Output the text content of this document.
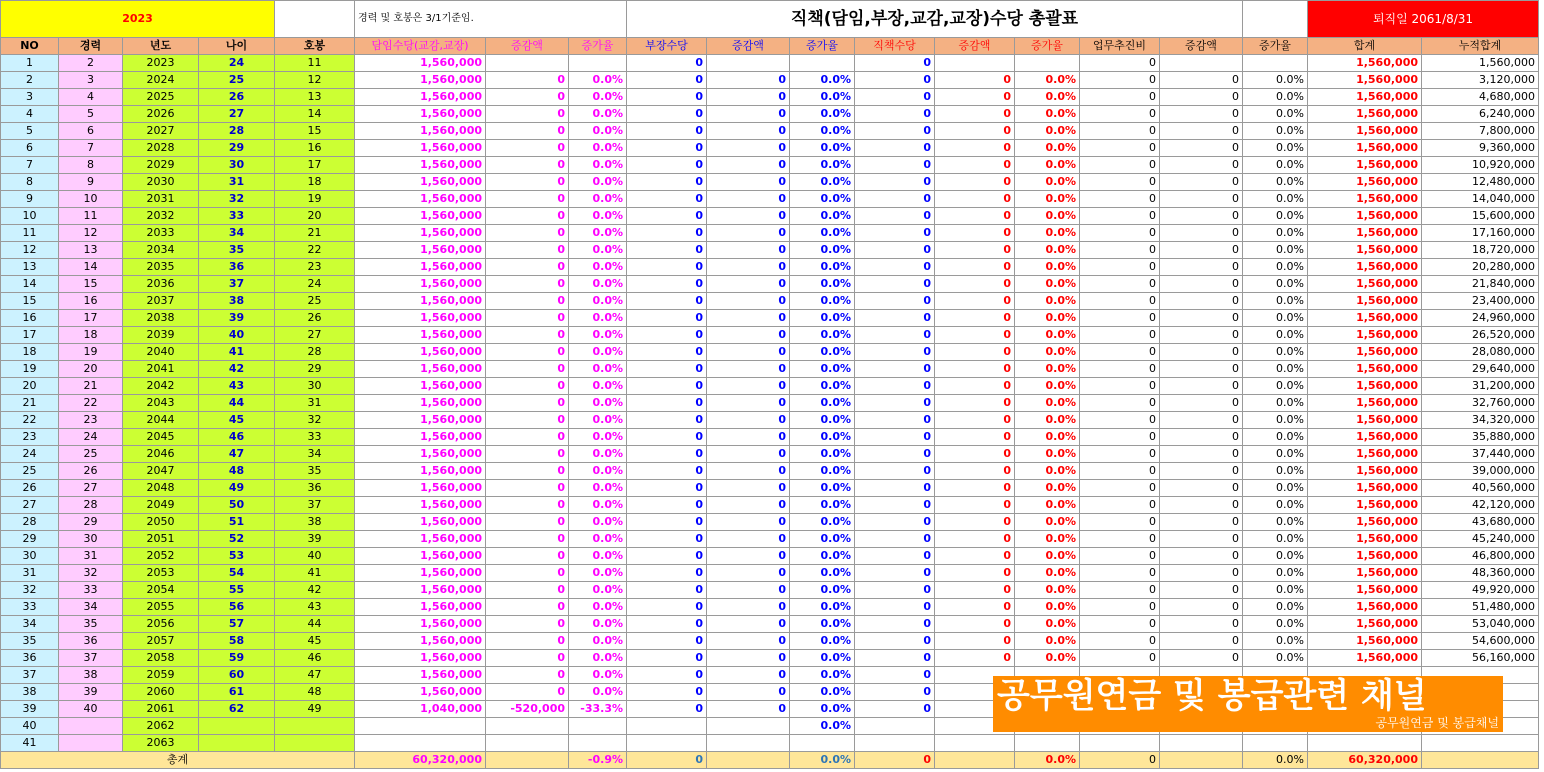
2023					경력 및 호봉은 3/1기준임.			직책(담임,부장,교감,교장)수당 총괄표									퇴직일 2061/8/31	
NO	경력	년도	나이	호봉	담임수당(교감,교장)	증감액	증가율	부장수당	증감액	증가율	직책수당	증감액	증가율	업무추진비	증감액	증가율	합계	누적합계
1	2	2023	24	11	1,560,000			0			0			0			1,560,000	1,560,000
2	3	2024	25	12	1,560,000	0	0.0%	0	0	0.0%	0	0	0.0%	0	0	0.0%	1,560,000	3,120,000
3	4	2025	26	13	1,560,000	0	0.0%	0	0	0.0%	0	0	0.0%	0	0	0.0%	1,560,000	4,680,000
4	5	2026	27	14	1,560,000	0	0.0%	0	0	0.0%	0	0	0.0%	0	0	0.0%	1,560,000	6,240,000
5	6	2027	28	15	1,560,000	0	0.0%	0	0	0.0%	0	0	0.0%	0	0	0.0%	1,560,000	7,800,000
6	7	2028	29	16	1,560,000	0	0.0%	0	0	0.0%	0	0	0.0%	0	0	0.0%	1,560,000	9,360,000
7	8	2029	30	17	1,560,000	0	0.0%	0	0	0.0%	0	0	0.0%	0	0	0.0%	1,560,000	10,920,000
8	9	2030	31	18	1,560,000	0	0.0%	0	0	0.0%	0	0	0.0%	0	0	0.0%	1,560,000	12,480,000
9	10	2031	32	19	1,560,000	0	0.0%	0	0	0.0%	0	0	0.0%	0	0	0.0%	1,560,000	14,040,000
10	11	2032	33	20	1,560,000	0	0.0%	0	0	0.0%	0	0	0.0%	0	0	0.0%	1,560,000	15,600,000
11	12	2033	34	21	1,560,000	0	0.0%	0	0	0.0%	0	0	0.0%	0	0	0.0%	1,560,000	17,160,000
12	13	2034	35	22	1,560,000	0	0.0%	0	0	0.0%	0	0	0.0%	0	0	0.0%	1,560,000	18,720,000
13	14	2035	36	23	1,560,000	0	0.0%	0	0	0.0%	0	0	0.0%	0	0	0.0%	1,560,000	20,280,000
14	15	2036	37	24	1,560,000	0	0.0%	0	0	0.0%	0	0	0.0%	0	0	0.0%	1,560,000	21,840,000
15	16	2037	38	25	1,560,000	0	0.0%	0	0	0.0%	0	0	0.0%	0	0	0.0%	1,560,000	23,400,000
16	17	2038	39	26	1,560,000	0	0.0%	0	0	0.0%	0	0	0.0%	0	0	0.0%	1,560,000	24,960,000
17	18	2039	40	27	1,560,000	0	0.0%	0	0	0.0%	0	0	0.0%	0	0	0.0%	1,560,000	26,520,000
18	19	2040	41	28	1,560,000	0	0.0%	0	0	0.0%	0	0	0.0%	0	0	0.0%	1,560,000	28,080,000
19	20	2041	42	29	1,560,000	0	0.0%	0	0	0.0%	0	0	0.0%	0	0	0.0%	1,560,000	29,640,000
20	21	2042	43	30	1,560,000	0	0.0%	0	0	0.0%	0	0	0.0%	0	0	0.0%	1,560,000	31,200,000
21	22	2043	44	31	1,560,000	0	0.0%	0	0	0.0%	0	0	0.0%	0	0	0.0%	1,560,000	32,760,000
22	23	2044	45	32	1,560,000	0	0.0%	0	0	0.0%	0	0	0.0%	0	0	0.0%	1,560,000	34,320,000
23	24	2045	46	33	1,560,000	0	0.0%	0	0	0.0%	0	0	0.0%	0	0	0.0%	1,560,000	35,880,000
24	25	2046	47	34	1,560,000	0	0.0%	0	0	0.0%	0	0	0.0%	0	0	0.0%	1,560,000	37,440,000
25	26	2047	48	35	1,560,000	0	0.0%	0	0	0.0%	0	0	0.0%	0	0	0.0%	1,560,000	39,000,000
26	27	2048	49	36	1,560,000	0	0.0%	0	0	0.0%	0	0	0.0%	0	0	0.0%	1,560,000	40,560,000
27	28	2049	50	37	1,560,000	0	0.0%	0	0	0.0%	0	0	0.0%	0	0	0.0%	1,560,000	42,120,000
28	29	2050	51	38	1,560,000	0	0.0%	0	0	0.0%	0	0	0.0%	0	0	0.0%	1,560,000	43,680,000
29	30	2051	52	39	1,560,000	0	0.0%	0	0	0.0%	0	0	0.0%	0	0	0.0%	1,560,000	45,240,000
30	31	2052	53	40	1,560,000	0	0.0%	0	0	0.0%	0	0	0.0%	0	0	0.0%	1,560,000	46,800,000
31	32	2053	54	41	1,560,000	0	0.0%	0	0	0.0%	0	0	0.0%	0	0	0.0%	1,560,000	48,360,000
32	33	2054	55	42	1,560,000	0	0.0%	0	0	0.0%	0	0	0.0%	0	0	0.0%	1,560,000	49,920,000
33	34	2055	56	43	1,560,000	0	0.0%	0	0	0.0%	0	0	0.0%	0	0	0.0%	1,560,000	51,480,000
34	35	2056	57	44	1,560,000	0	0.0%	0	0	0.0%	0	0	0.0%	0	0	0.0%	1,560,000	53,040,000
35	36	2057	58	45	1,560,000	0	0.0%	0	0	0.0%	0	0	0.0%	0	0	0.0%	1,560,000	54,600,000
36	37	2058	59	46	1,560,000	0	0.0%	0	0	0.0%	0	0	0.0%	0	0	0.0%	1,560,000	56,160,000
37	38	2059	60	47	1,560,000	0	0.0%	0	0	0.0%	0							
38	39	2060	61	48	1,560,000	0	0.0%	0	0	0.0%	0							
39	40	2061	62	49	1,040,000	-520,000	-33.3%	0	0	0.0%	0							
40		2062								0.0%								
41		2063																
총계					60,320,000		-0.9%	0		0.0%	0		0.0%	0		0.0%	60,320,000	
공무원연금 및 봉급관련 채널
공무원연금 및 봉급채널
